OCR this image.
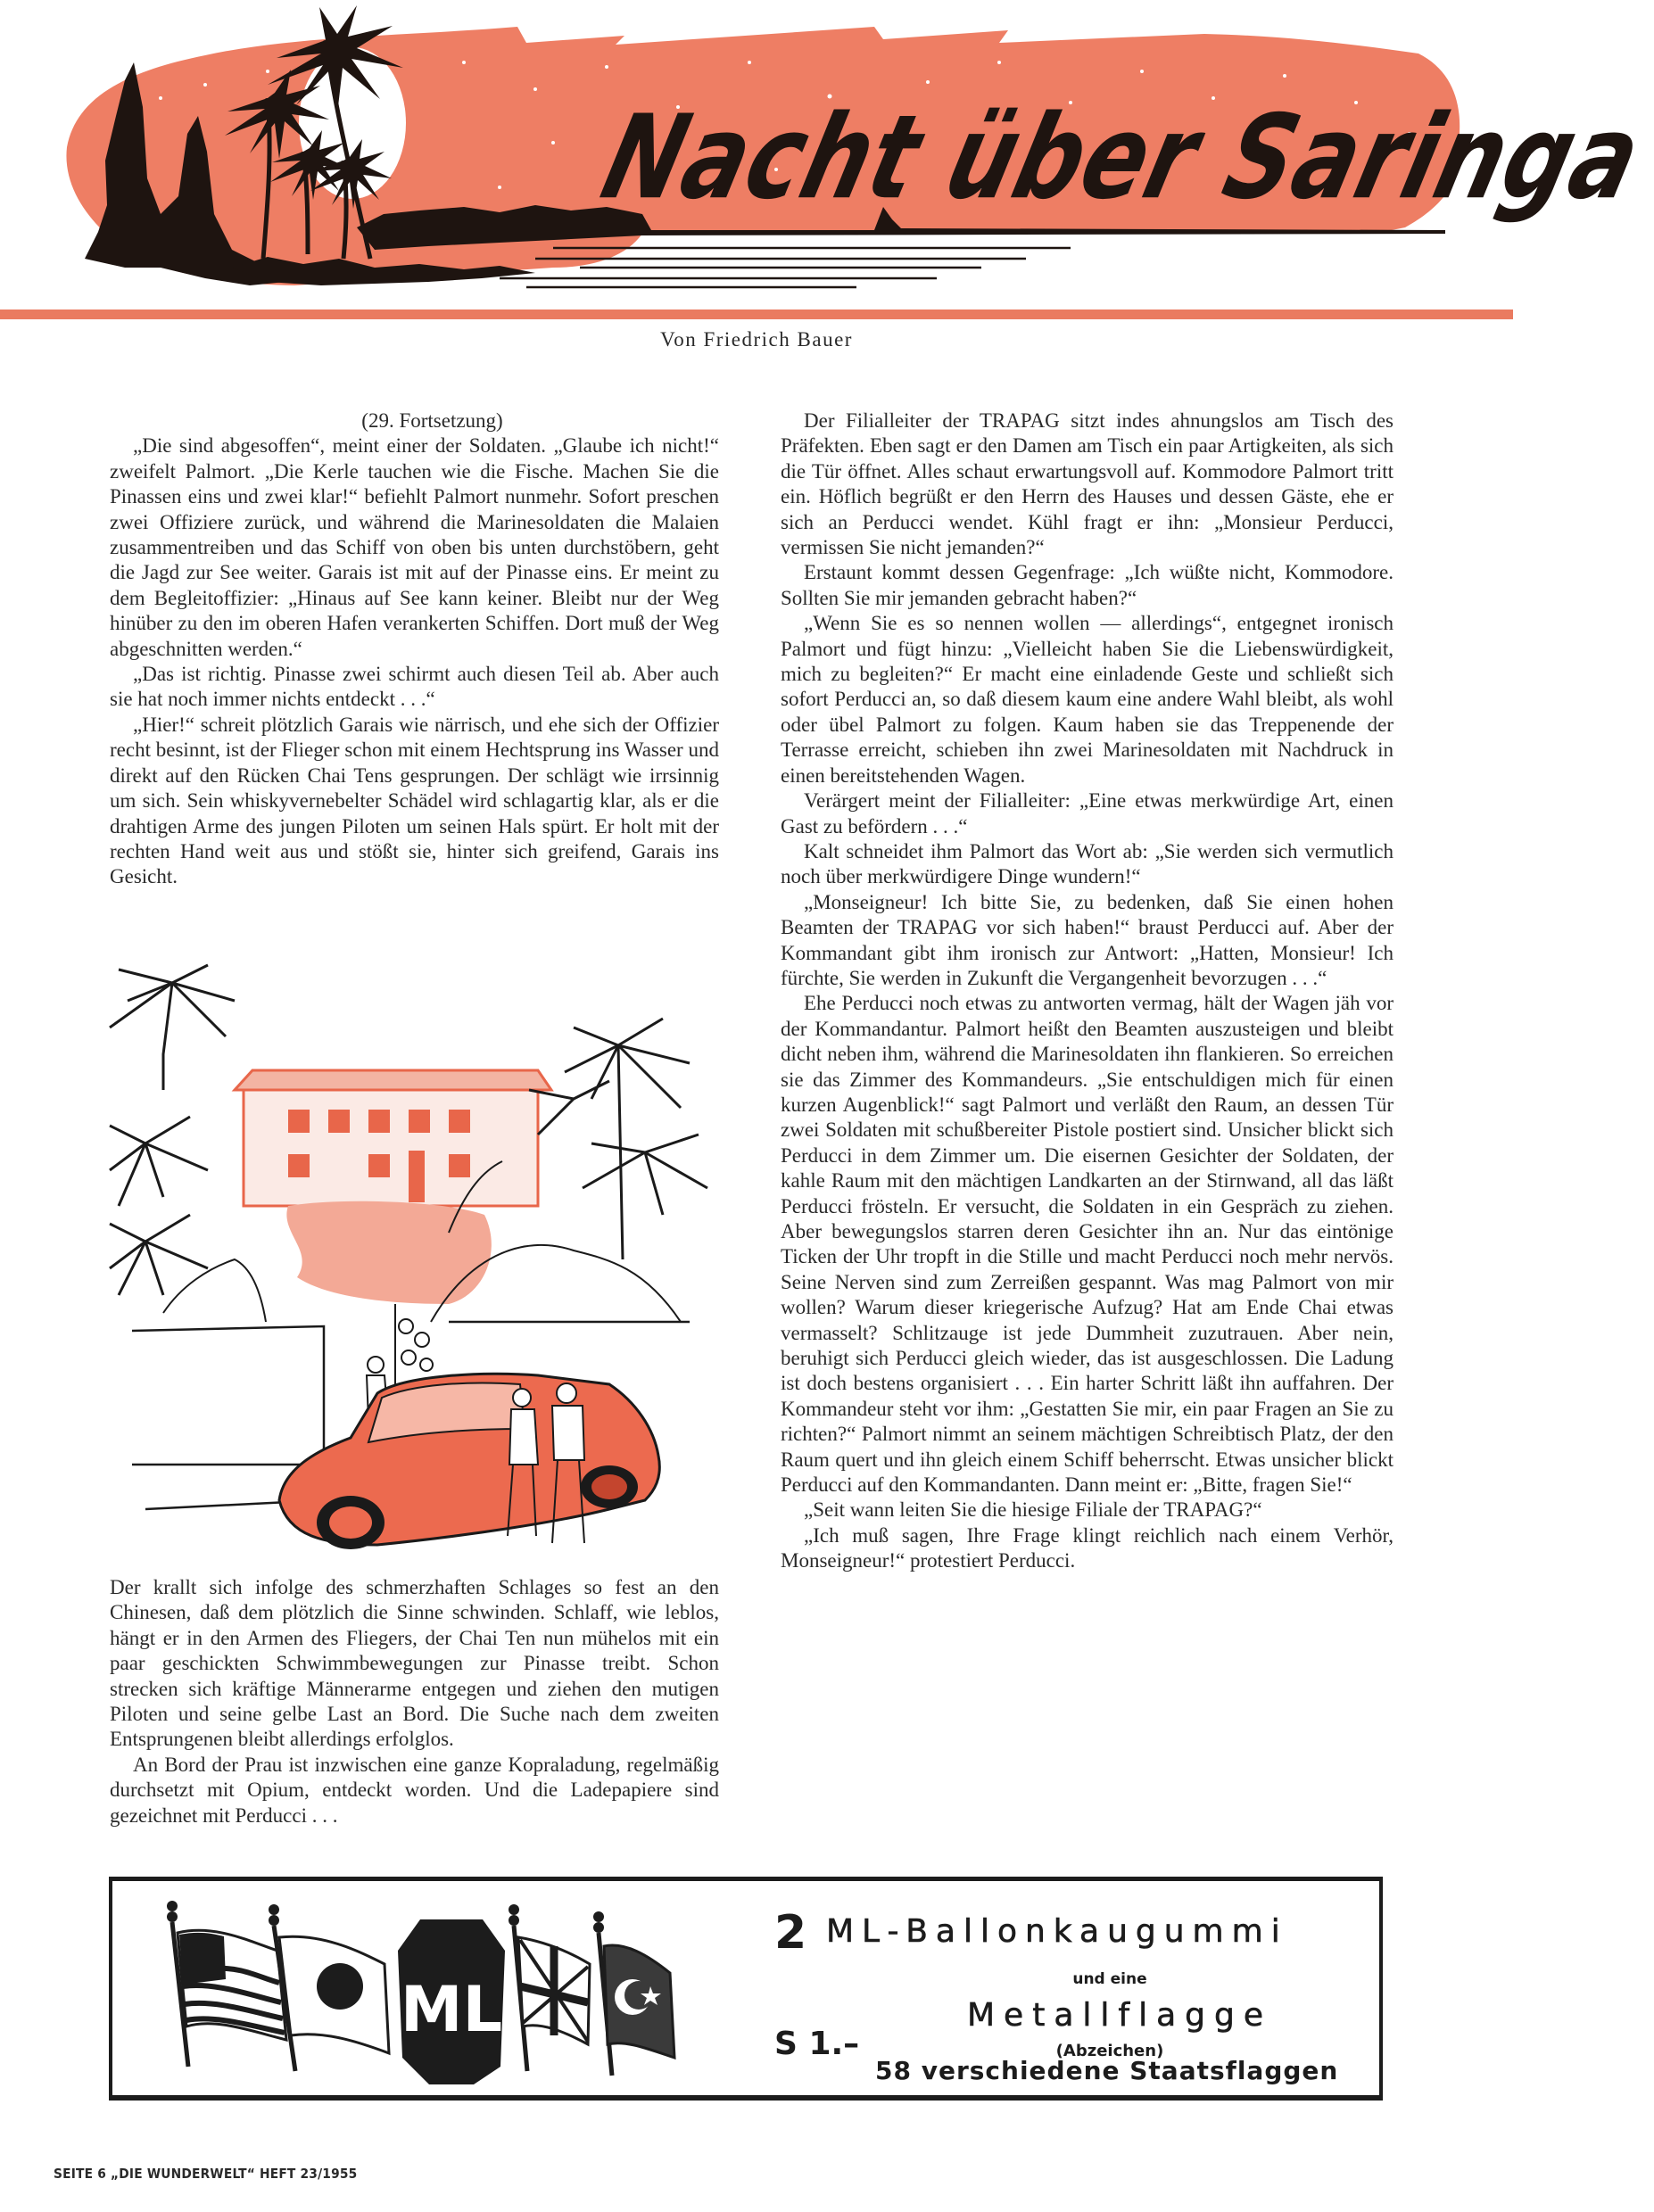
Nacht über Saringa
Von Friedrich Bauer

(29. Fortsetzung)

„Die sind abgesoffen“, meint einer der Soldaten. „Glaube ich nicht!“ zweifelt Palmort. „Die Kerle tauchen wie die Fische. Machen Sie die Pinassen eins und zwei klar!“ befiehlt Palmort nunmehr. Sofort preschen zwei Offiziere zurück, und während die Marinesoldaten die Malaien zusammentreiben und das Schiff von oben bis unten durchstöbern, geht die Jagd zur See weiter. Garais ist mit auf der Pinasse eins. Er meint zu dem Begleitoffizier: „Hinaus auf See kann keiner. Bleibt nur der Weg hinüber zu den im oberen Hafen verankerten Schiffen. Dort muß der Weg abgeschnitten werden.“

„Das ist richtig. Pinasse zwei schirmt auch diesen Teil ab. Aber auch sie hat noch immer nichts entdeckt . . .“

„Hier!“ schreit plötzlich Garais wie närrisch, und ehe sich der Offizier recht besinnt, ist der Flieger schon mit einem Hechtsprung ins Wasser und direkt auf den Rücken Chai Tens gesprungen. Der schlägt wie irrsinnig um sich. Sein whiskyvernebelter Schädel wird schlagartig klar, als er die drahtigen Arme des jungen Piloten um seinen Hals spürt. Er holt mit der rechten Hand weit aus und stößt sie, hinter sich greifend, Garais ins Gesicht.

Der krallt sich infolge des schmerzhaften Schlages so fest an den Chinesen, daß dem plötzlich die Sinne schwinden. Schlaff, wie leblos, hängt er in den Armen des Fliegers, der Chai Ten nun mühelos mit ein paar geschickten Schwimmbewegungen zur Pinasse treibt. Schon strecken sich kräftige Männerarme entgegen und ziehen den mutigen Piloten und seine gelbe Last an Bord. Die Suche nach dem zweiten Entsprungenen bleibt allerdings erfolglos.

An Bord der Prau ist inzwischen eine ganze Kopraladung, regelmäßig durchsetzt mit Opium, entdeckt worden. Und die Ladepapiere sind gezeichnet mit Perducci . . .

Der Filialleiter der TRAPAG sitzt indes ahnungslos am Tisch des Präfekten. Eben sagt er den Damen am Tisch ein paar Artigkeiten, als sich die Tür öffnet. Alles schaut erwartungsvoll auf. Kommodore Palmort tritt ein. Höflich begrüßt er den Herrn des Hauses und dessen Gäste, ehe er sich an Perducci wendet. Kühl fragt er ihn: „Monsieur Perducci, vermissen Sie nicht jemanden?“

Erstaunt kommt dessen Gegenfrage: „Ich wüßte nicht, Kommodore. Sollten Sie mir jemanden gebracht haben?“

„Wenn Sie es so nennen wollen — allerdings“, entgegnet ironisch Palmort und fügt hinzu: „Vielleicht haben Sie die Liebenswürdigkeit, mich zu begleiten?“ Er macht eine einladende Geste und schließt sich sofort Perducci an, so daß diesem kaum eine andere Wahl bleibt, als wohl oder übel Palmort zu folgen. Kaum haben sie das Treppenende der Terrasse erreicht, schieben ihn zwei Marinesoldaten mit Nachdruck in einen bereitstehenden Wagen.

Verärgert meint der Filialleiter: „Eine etwas merkwürdige Art, einen Gast zu befördern . . .“

Kalt schneidet ihm Palmort das Wort ab: „Sie werden sich vermutlich noch über merkwürdigere Dinge wundern!“

„Monseigneur! Ich bitte Sie, zu bedenken, daß Sie einen hohen Beamten der TRAPAG vor sich haben!“ braust Perducci auf. Aber der Kommandant gibt ihm ironisch zur Antwort: „Hatten, Monsieur! Ich fürchte, Sie werden in Zukunft die Vergangenheit bevorzugen . . .“

Ehe Perducci noch etwas zu antworten vermag, hält der Wagen jäh vor der Kommandantur. Palmort heißt den Beamten auszusteigen und bleibt dicht neben ihm, während die Marinesoldaten ihn flankieren. So erreichen sie das Zimmer des Kommandeurs. „Sie entschuldigen mich für einen kurzen Augenblick!“ sagt Palmort und verläßt den Raum, an dessen Tür zwei Soldaten mit schußbereiter Pistole postiert sind. Unsicher blickt sich Perducci in dem Zimmer um. Die eisernen Gesichter der Soldaten, der kahle Raum mit den mächtigen Landkarten an der Stirnwand, all das läßt Perducci frösteln. Er versucht, die Soldaten in ein Gespräch zu ziehen. Aber bewegungslos starren deren Gesichter ihn an. Nur das eintönige Ticken der Uhr tropft in die Stille und macht Perducci noch mehr nervös. Seine Nerven sind zum Zerreißen gespannt. Was mag Palmort von mir wollen? Warum dieser kriegerische Aufzug? Hat am Ende Chai etwas vermasselt? Schlitzauge ist jede Dummheit zuzutrauen. Aber nein, beruhigt sich Perducci gleich wieder, das ist ausgeschlossen. Die Ladung ist doch bestens organisiert . . . Ein harter Schritt läßt ihn auffahren. Der Kommandeur steht vor ihm: „Gestatten Sie mir, ein paar Fragen an Sie zu richten?“ Palmort nimmt an seinem mächtigen Schreibtisch Platz, der den Raum quert und ihn gleich einem Schiff beherrscht. Etwas unsicher blickt Perducci auf den Kommandanten. Dann meint er: „Bitte, fragen Sie!“

„Seit wann leiten Sie die hiesige Filiale der TRAPAG?“

„Ich muß sagen, Ihre Frage klingt reichlich nach einem Verhör, Monseigneur!“ protestiert Perducci.

ML
2 ML-Ballonkaugummi
und eine
S 1.–
Metallflagge
(Abzeichen)
58 verschiedene Staatsflaggen
SEITE 6 „DIE WUNDERWELT“ HEFT 23/1955
